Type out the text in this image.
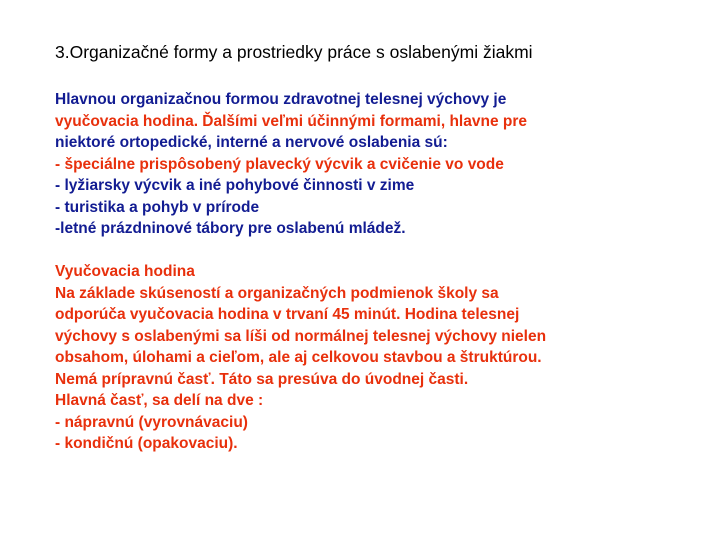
3.Organizačné formy a prostriedky práce s oslabenými žiakmi
Hlavnou organizačnou formou zdravotnej telesnej výchovy je
vyučovacia hodina. Ďalšími veľmi účinnými formami, hlavne pre
niektoré ortopedické, interné a nervové oslabenia sú:
- špeciálne prispôsobený plavecký výcvik a cvičenie vo vode
- lyžiarsky výcvik a iné pohybové činnosti v zime
- turistika a pohyb v prírode
-letné prázdninové tábory pre oslabenú mládež.
Vyučovacia hodina
Na základe skúseností a organizačných podmienok školy sa
odporúča vyučovacia hodina v trvaní 45 minút. Hodina telesnej
výchovy s oslabenými sa líši od normálnej telesnej výchovy nielen
obsahom, úlohami a cieľom, ale aj celkovou stavbou a štruktúrou.
Nemá prípravnú časť. Táto sa presúva do úvodnej časti.
Hlavná časť, sa delí na dve :
- nápravnú (vyrovnávaciu)
- kondičnú (opakovaciu).
